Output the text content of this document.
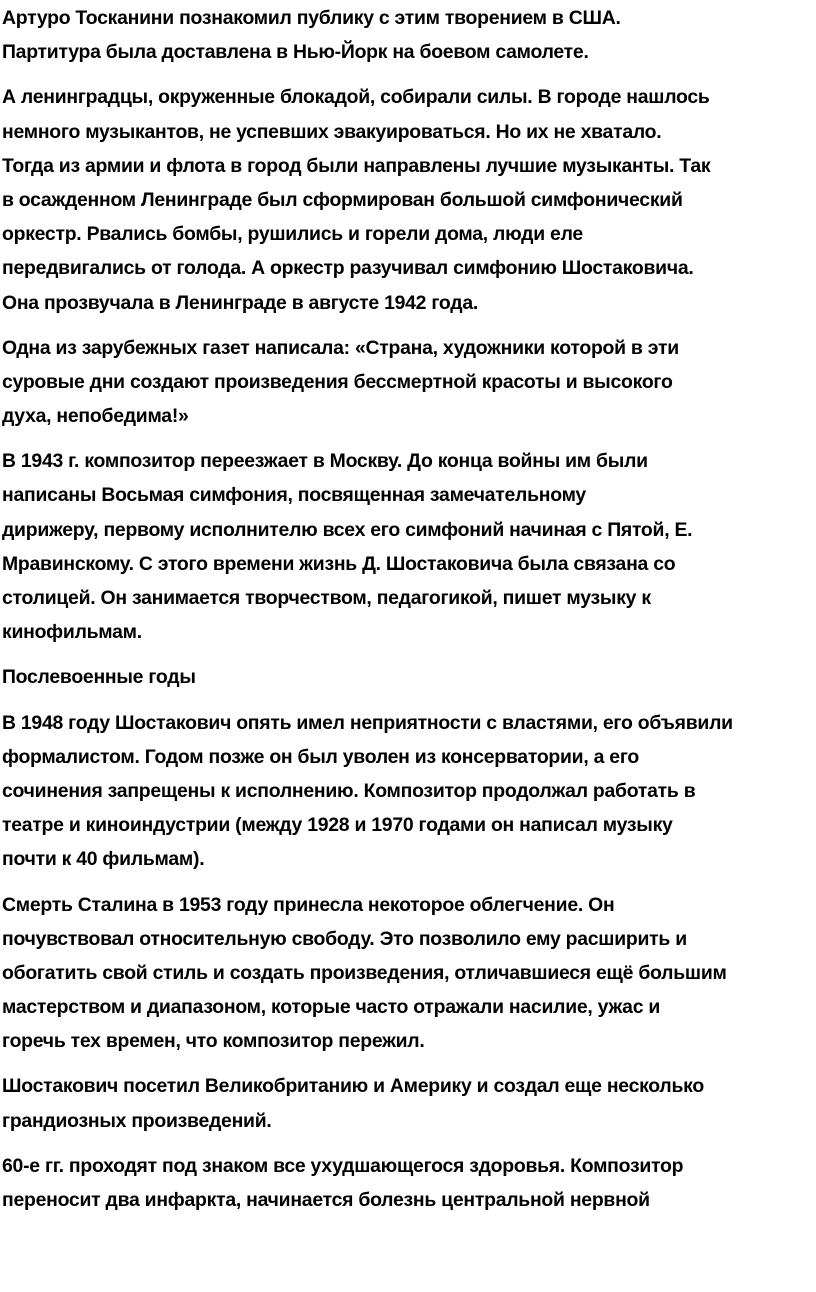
Артуро Тосканини познакомил публику с этим творением в США.
Партитура была доставлена в Нью-Йорк на боевом самолете.
А ленинградцы, окруженные блокадой, собирали силы. В городе нашлось
немного музыкантов, не успевших эвакуироваться. Но их не хватало.
Тогда из армии и флота в город были направлены лучшие музыканты. Так
в осажденном Ленинграде был сформирован большой симфонический
оркестр. Рвались бомбы, рушились и горели дома, люди еле
передвигались от голода. А оркестр разучивал симфонию Шостаковича.
Она прозвучала в Ленинграде в августе 1942 года.
Одна из зарубежных газет написала: «Страна, художники которой в эти
суровые дни создают произведения бессмертной красоты и высокого
духа, непобедима!»
В 1943 г. композитор переезжает в Москву. До конца войны им были
написаны Восьмая симфония, посвященная замечательному
дирижеру, первому исполнителю всех его симфоний начиная с Пятой, Е.
Мравинскому. С этого времени жизнь Д. Шостаковича была связана со
столицей. Он занимается творчеством, педагогикой, пишет музыку к
кинофильмам.
Послевоенные годы
В 1948 году Шостакович опять имел неприятности с властями, его объявили
формалистом. Годом позже он был уволен из консерватории, а его
сочинения запрещены к исполнению. Композитор продолжал работать в
театре и киноиндустрии (между 1928 и 1970 годами он написал музыку
почти к 40 фильмам).
Смерть Сталина в 1953 году принесла некоторое облегчение. Он
почувствовал относительную свободу. Это позволило ему расширить и
обогатить свой стиль и создать произведения, отличавшиеся ещё большим
мастерством и диапазоном, которые часто отражали насилие, ужас и
горечь тех времен, что композитор пережил.
Шостакович посетил Великобританию и Америку и создал еще несколько
грандиозных произведений.
60-е гг. проходят под знаком все ухудшающегося здоровья. Композитор
переносит два инфаркта, начинается болезнь центральной нервной
